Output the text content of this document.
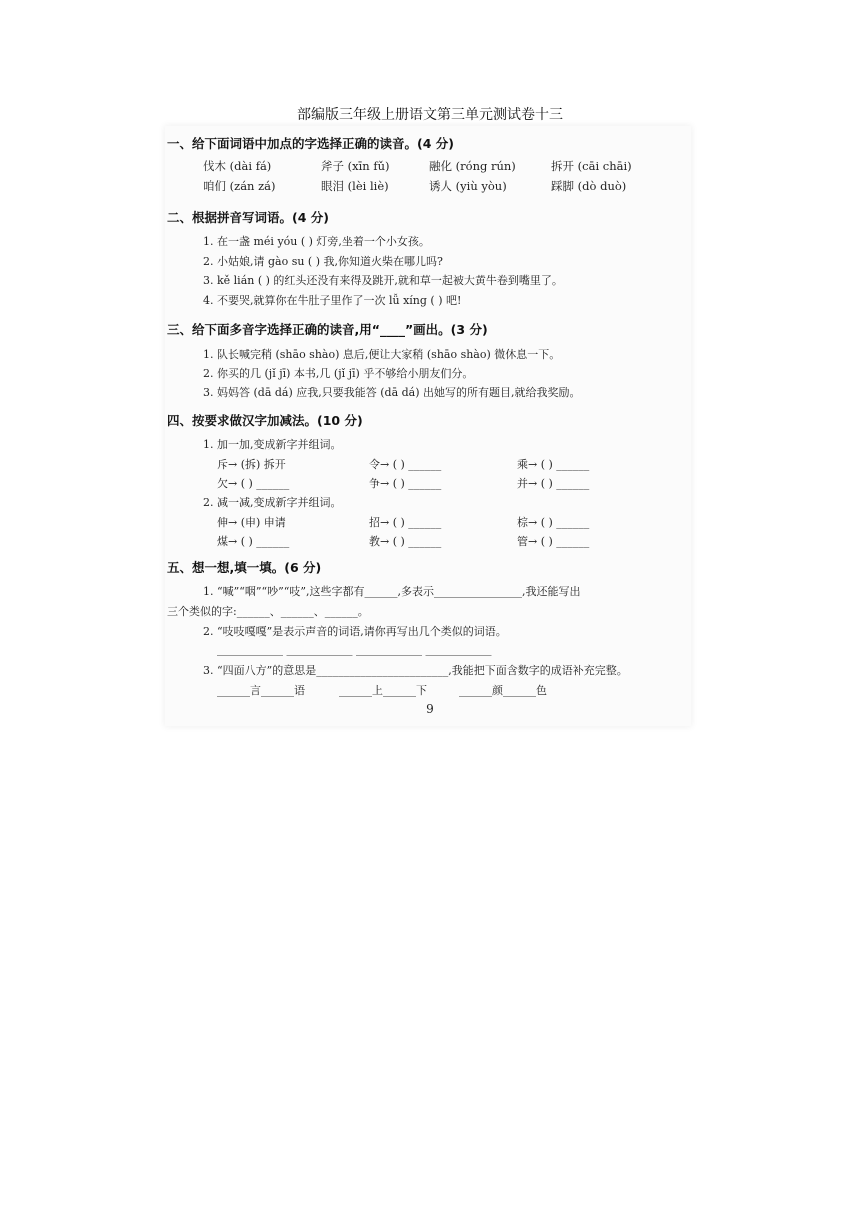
部编版三年级上册语文第三单元测试卷十三
一、给下面词语中加点的字选择正确的读音。(4 分)
伐木 (dài fá)	斧子 (xīn fǔ)	融化 (róng rún)	拆开 (cāi chāi)
咱们 (zán zá)	眼泪 (lèi liè)	诱人 (yiù yòu)	踩脚 (dò duò)
二、根据拼音写词语。(4 分)
1. 在一盏 méi yóu ( ) 灯旁,坐着一个小女孩。
2. 小姑娘,请 gào su ( ) 我,你知道火柴在哪儿吗?
3. kě lián ( ) 的红头还没有来得及跳开,就和草一起被大黄牛卷到嘴里了。
4. 不要哭,就算你在牛肚子里作了一次 lǚ xíng ( ) 吧!
三、给下面多音字选择正确的读音,用“____”画出。(3 分)
1. 队长喊完稍 (shāo shào) 息后,便让大家稍 (shāo shào) 微休息一下。
2. 你买的几 (jǐ jī) 本书,几 (jǐ jī) 乎不够给小朋友们分。
3. 妈妈答 (dā dá) 应我,只要我能答 (dā dá) 出她写的所有题目,就给我奖励。
四、按要求做汉字加减法。(10 分)
1. 加一加,变成新字并组词。
斥→ (拆) 拆开	令→ ( ) ______	乘→ ( ) ______
欠→ ( ) ______	争→ ( ) ______	并→ ( ) ______
2. 减一减,变成新字并组词。
伸→ (申) 申请	招→ ( ) ______	棕→ ( ) ______
煤→ ( ) ______	教→ ( ) ______	管→ ( ) ______
五、想一想,填一填。(6 分)
1. “喊”“咽”“吵”“吱”,这些字都有______,多表示________________,我还能写出
三个类似的字:______、______、______。
2. “吱吱嘎嘎”是表示声音的词语,请你再写出几个类似的词语。
____________ ____________ ____________ ____________
3. “四面八方”的意思是________________________,我能把下面含数字的成语补充完整。
______言______语	______上______下	______颜______色
9
